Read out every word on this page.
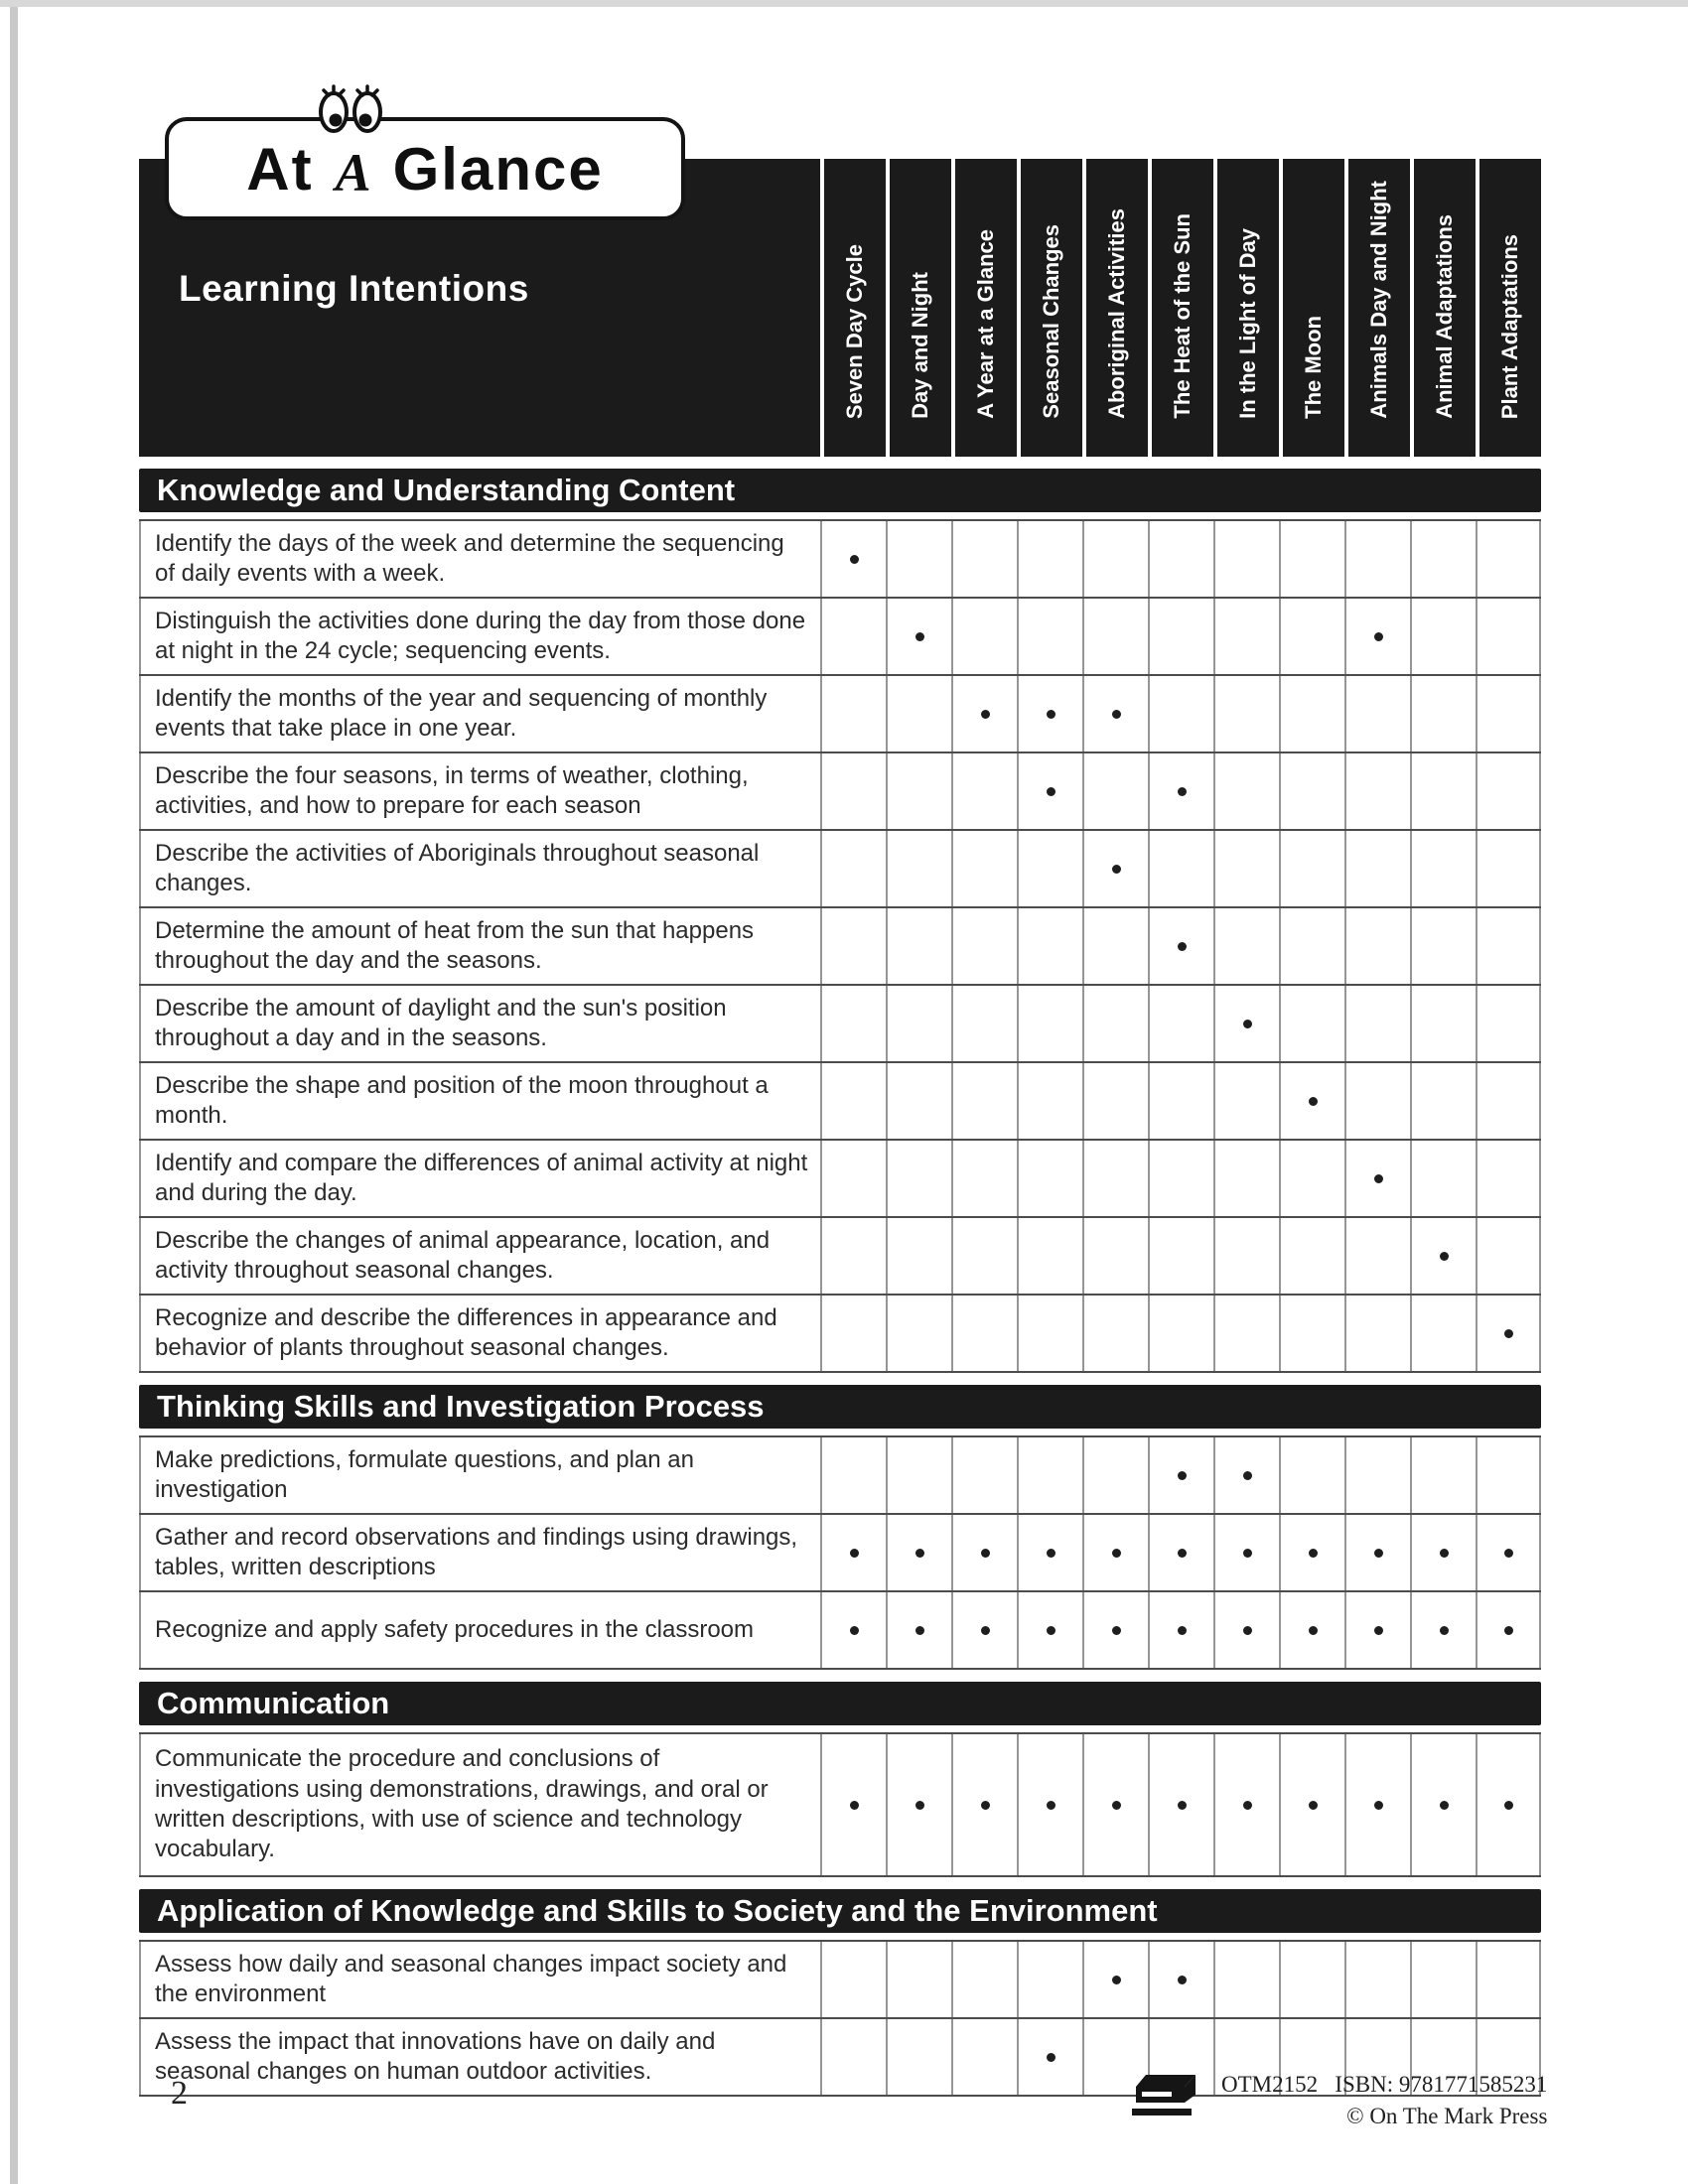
At A Glance
Learning Intentions	Seven Day Cycle Day and Night A Year at a Glance Seasonal Changes Aboriginal Activities The Heat of the Sun In the Light of Day The Moon Animals Day and Night Animal Adaptations Plant Adaptations
Knowledge and Understanding Content
Identify the days of the week and determine the sequencing of daily events with a week.
Distinguish the activities done during the day from those done at night in the 24 cycle; sequencing events.
Identify the months of the year and sequencing of monthly events that take place in one year.
Describe the four seasons, in terms of weather, clothing, activities, and how to prepare for each season
Describe the activities of Aboriginals throughout seasonal changes.
Determine the amount of heat from the sun that happens throughout the day and the seasons.
Describe the amount of daylight and the sun's position throughout a day and in the seasons.
Describe the shape and position of the moon throughout a month.
Identify and compare the differences of animal activity at night and during the day.
Describe the changes of animal appearance, location, and activity throughout seasonal changes.
Recognize and describe the differences in appearance and behavior of plants throughout seasonal changes.
Thinking Skills and Investigation Process
Make predictions, formulate questions, and plan an investigation
Gather and record observations and findings using drawings, tables, written descriptions
Recognize and apply safety procedures in the classroom
Communication
Communicate the procedure and conclusions of investigations using demonstrations, drawings, and oral or written descriptions, with use of science and technology vocabulary.
Application of Knowledge and Skills to Society and the Environment
Assess how daily and seasonal changes impact society and the environment
Assess the impact that innovations have on daily and seasonal changes on human outdoor activities.
2	OTM2152   ISBN: 9781771585231
© On The Mark Press
